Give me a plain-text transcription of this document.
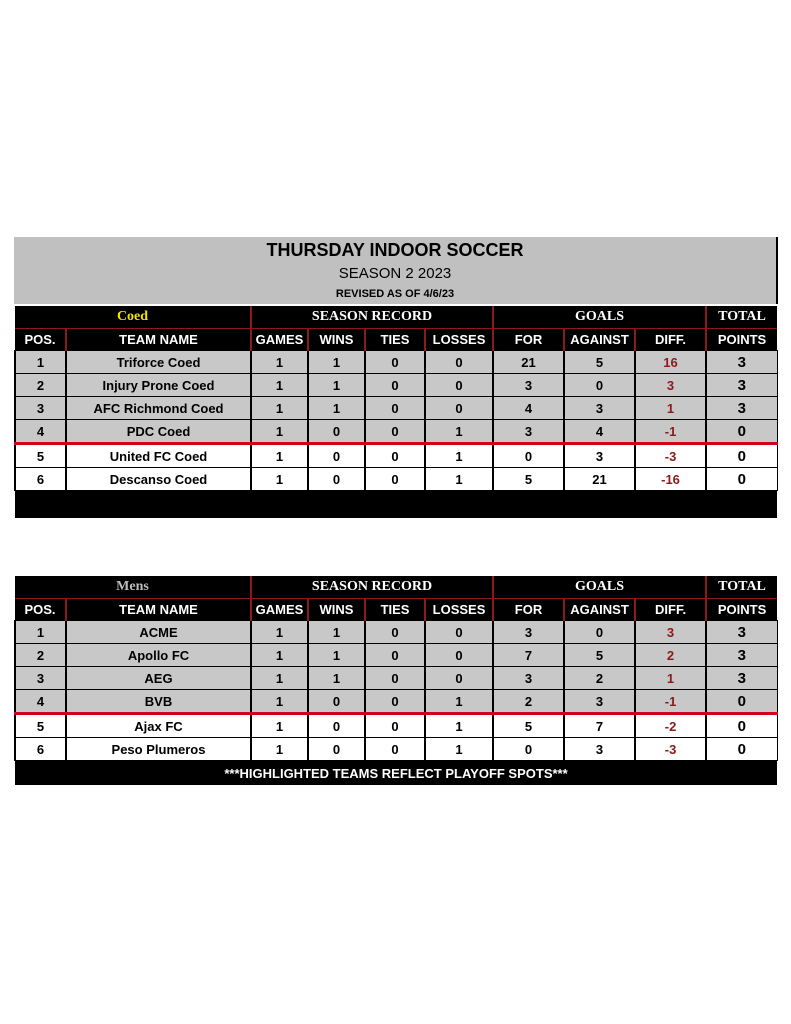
THURSDAY INDOOR SOCCER
SEASON 2 2023
REVISED AS OF 4/6/23
Coed		SEASON RECORD				GOALS			TOTAL
POS.	TEAM NAME	GAMES	WINS	TIES	LOSSES	FOR	AGAINST	DIFF.	POINTS
1	Triforce Coed	1	1	0	0	21	5	16	3
2	Injury Prone Coed	1	1	0	0	3	0	3	3
3	AFC Richmond Coed	1	1	0	0	4	3	1	3
4	PDC Coed	1	0	0	1	3	4	-1	0
5	United FC Coed	1	0	0	1	0	3	-3	0
6	Descanso Coed	1	0	0	1	5	21	-16	0

Mens		SEASON RECORD				GOALS			TOTAL
POS.	TEAM NAME	GAMES	WINS	TIES	LOSSES	FOR	AGAINST	DIFF.	POINTS
1	ACME	1	1	0	0	3	0	3	3
2	Apollo FC	1	1	0	0	7	5	2	3
3	AEG	1	1	0	0	3	2	1	3
4	BVB	1	0	0	1	2	3	-1	0
5	Ajax FC	1	0	0	1	5	7	-2	0
6	Peso Plumeros	1	0	0	1	0	3	-3	0
***HIGHLIGHTED TEAMS REFLECT PLAYOFF SPOTS***									
